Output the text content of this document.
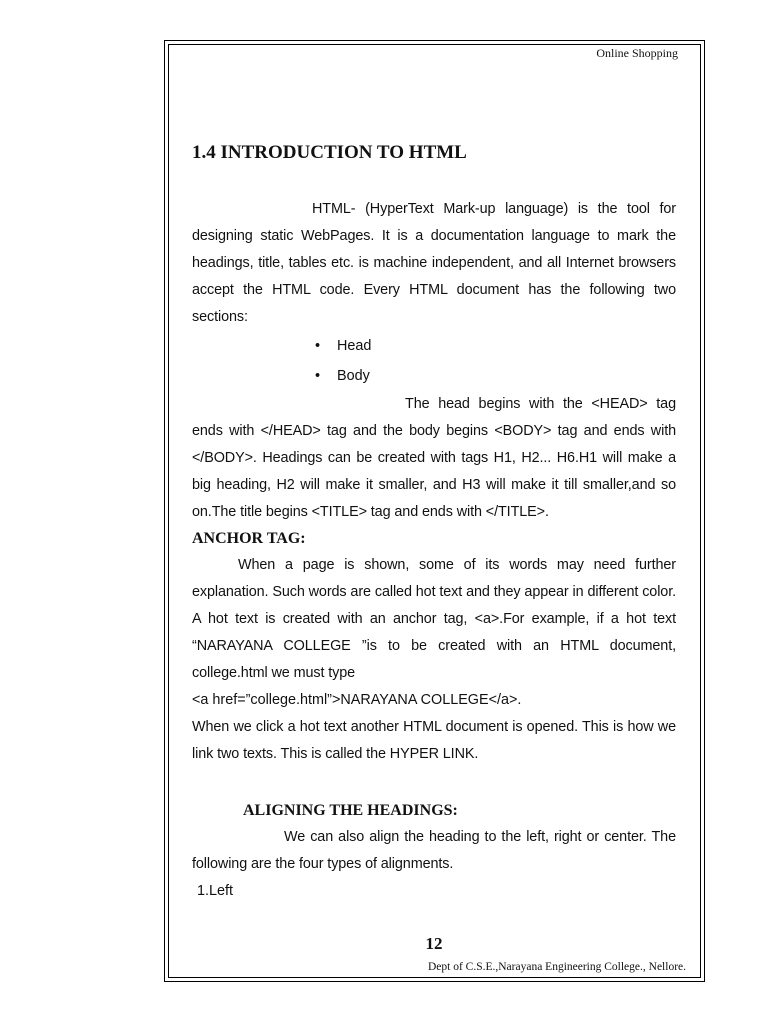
Online Shopping
1.4 INTRODUCTION TO HTML

HTML- (HyperText Mark-up language) is the tool for designing static WebPages. It is a documentation language to mark the headings, title, tables etc. is machine independent, and all Internet browsers accept the HTML code. Every HTML document has the following two sections:

• Head
• Body

The head begins with the <HEAD> tag ends with </HEAD> tag and the body begins <BODY> tag and ends with </BODY>. Headings can be created with tags H1, H2... H6.H1 will make a big heading, H2 will make it smaller, and H3 will make it till smaller,and so on.The title begins <TITLE> tag and ends with </TITLE>.

ANCHOR TAG:

When a page is shown, some of its words may need further explanation. Such words are called hot text and they appear in different color. A hot text is created with an anchor tag, <a>.For example, if a hot text “NARAYANA COLLEGE ”is to be created with an HTML document, college.html we must type

<a href=”college.html”>NARAYANA COLLEGE</a>.

When we click a hot text another HTML document is opened. This is how we link two texts. This is called the HYPER LINK.

ALIGNING THE HEADINGS:

We can also align the heading to the left, right or center. The following are the four types of alignments.

1.Left

12
Dept of C.S.E.,Narayana Engineering College., Nellore.
